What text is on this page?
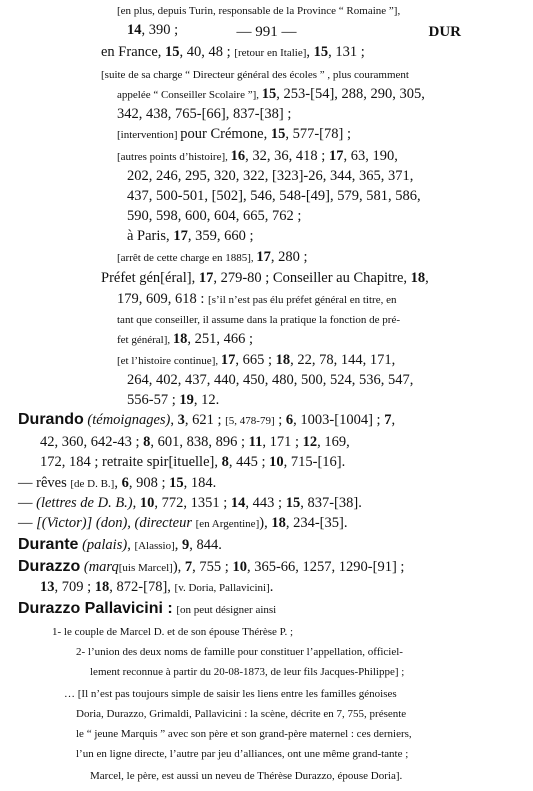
— 991 —	DUR
[en plus, depuis Turin, responsable de la Province “ Romaine ”],
14, 390 ;
en France, 15, 40, 48 ; [retour en Italie], 15, 131 ;
[suite de sa charge “ Directeur général des écoles ” , plus couramment
appelée “ Conseiller Scolaire ”], 15, 253-[54], 288, 290, 305,
342, 438, 765-[66], 837-[38] ;
[intervention] pour Crémone, 15, 577-[78] ;
[autres points d’histoire], 16, 32, 36, 418 ; 17, 63, 190,
202, 246, 295, 320, 322, [323]-26, 344, 365, 371,
437, 500-501, [502], 546, 548-[49], 579, 581, 586,
590, 598, 600, 604, 665, 762 ;
à Paris, 17, 359, 660 ;
[arrêt de cette charge en 1885], 17, 280 ;
Préfet gén[éral], 17, 279-80 ; Conseiller au Chapitre, 18,
179, 609, 618 : [s’il n’est pas élu préfet général en titre, en
tant que conseiller, il assume dans la pratique la fonction de pré-
fet général], 18, 251, 466 ;
[et l’histoire continue], 17, 665 ; 18, 22, 78, 144, 171,
264, 402, 437, 440, 450, 480, 500, 524, 536, 547,
556-57 ; 19, 12.
Durando (témoignages), 3, 621 ; [5, 478-79] ; 6, 1003-[1004] ; 7,
42, 360, 642-43 ; 8, 601, 838, 896 ; 11, 171 ; 12, 169,
172, 184 ; retraite spir[ituelle], 8, 445 ; 10, 715-[16].
— rêves [de D. B.], 6, 908 ; 15, 184.
— (lettres de D. B.), 10, 772, 1351 ; 14, 443 ; 15, 837-[38].
— [(Victor)] (don), (directeur [en Argentine]), 18, 234-[35].
Durante (palais), [Alassio], 9, 844.
Durazzo (marq[uis Marcel]), 7, 755 ; 10, 365-66, 1257, 1290-[91] ;
13, 709 ; 18, 872-[78], [v. Doria, Pallavicini].
Durazzo Pallavicini : [on peut désigner ainsi
1- le couple de Marcel D. et de son épouse Thérèse P. ;
2- l’union des deux noms de famille pour constituer l’appellation, officiel-
lement reconnue à partir du 20-08-1873, de leur fils Jacques-Philippe] ;
… [Il n’est pas toujours simple de saisir les liens entre les familles génoises
Doria, Durazzo, Grimaldi, Pallavicini : la scène, décrite en 7, 755, présente
le “ jeune Marquis ” avec son père et son grand-père maternel : ces derniers,
l’un en ligne directe, l’autre par jeu d’alliances, ont une même grand-tante ;
Marcel, le père, est aussi un neveu de Thérèse Durazzo, épouse Doria].
